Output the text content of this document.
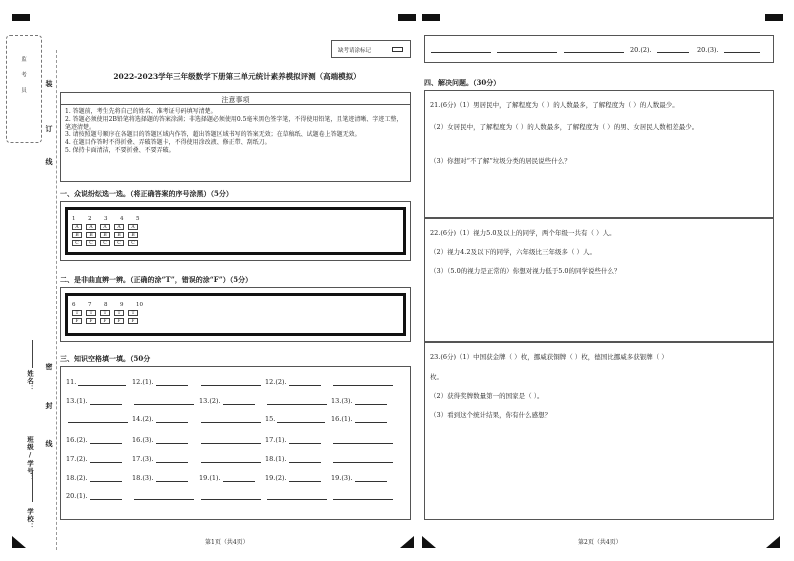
监 考 员	装
订
线
密
封
线
姓名：
班级/学号：
学校：
缺考请涂标记
2022-2023学年三年级数学下册第三单元统计素养模拟评测（高端模拟）
注意事项
1. 答题前，考生先将自己的姓名、准考证号码填写清楚。
2. 答题必须使用2B铅笔将选择题的答案涂满；非选择题必须使用0.5毫米黑色签字笔，不得使用铅笔，且笔迹清晰、字迹工整，笔迹清楚。
3. 请按照题号顺序在各题目的答题区域内作答，超出答题区域书写的答案无效；在草稿纸、试题卷上答题无效。
4. 在题目作答时不得折叠、弄破答题卡，不得使用涂改液、修正带、刮纸刀。
5. 保持卡面清洁，不要折叠、不要弄破。
一、众说纷纭选一选。（将正确答案的序号涂黑）（5分）
1 2 3 4 5
A A A A A
B B B B B
C C C C C
二、是非曲直辨一辨。（正确的涂“T”，错误的涂“F”）（5分）
6 7 8 9 10
T T T T T
F F F F F
三、知识空格填一填。（50分
11.	12.(1).	12.(2).
13.(1).	13.(2).	13.(3).
14.(2).	15.	16.(1).
16.(2).	16.(3).	17.(1).
17.(2).	17.(3).	18.(1).
18.(2).	18.(3).	19.(1).	19.(2).	19.(3).
20.(1).
第1页（共4页）
20.(2).	20.(3).
四、解决问题。（30分）
21.(6分)（1）男居民中，了解程度为（ ）的人数最多，了解程度为（ ）的人数最少。
（2）女居民中，了解程度为（ ）的人数最多，了解程度为（ ）的男、女居民人数相差最少。
（3）你想对“不了解”垃圾分类的居民说些什么？
22.(6分)（1）视力5.0及以上的同学，两个年级一共有（ ）人。
（2）视力4.2及以下的同学，六年级比三年级多（ ）人。
（3）（5.0的视力是正常的）你想对视力低于5.0的同学说些什么？
23.(6分)（1）中国获金牌（ ）枚，挪威获铜牌（ ）枚，德国比挪威多获银牌（ ）
枚。
（2）获得奖牌数量第一的国家是（ ）。
（3）看到这个统计结果，你有什么感想？
第2页（共4页）
